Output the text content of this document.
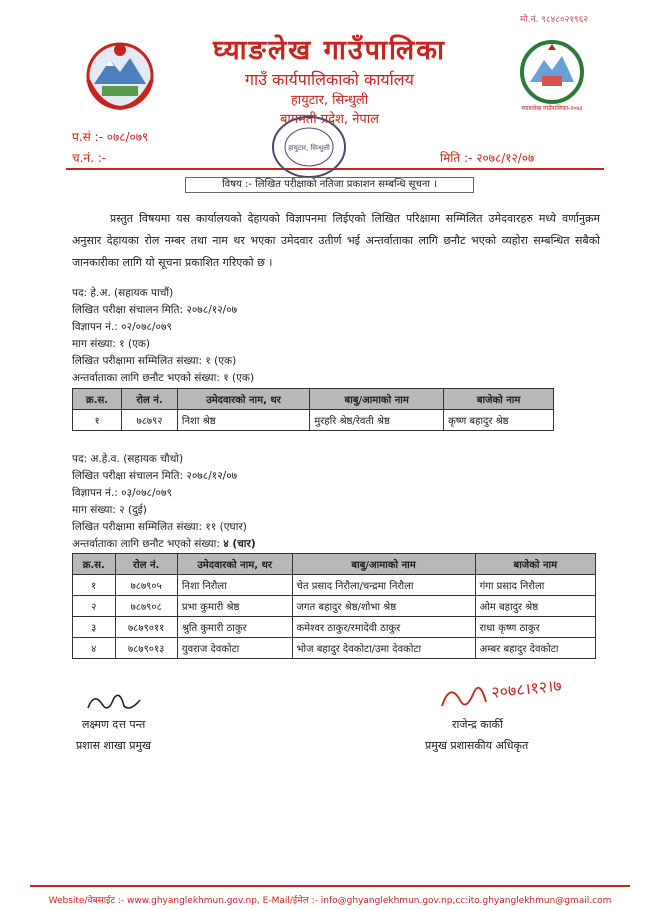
मो.नं. ९८४८०२१९६२
घ्याङलेख गाउँपालिका
गाउँ कार्यपालिकाको कार्यालय
हायुटार, सिन्धुली
बागमती प्रदेश, नेपाल
घ्याङलेख गाउँपालिका-२०७३
प.सं :- ०७८/०७९
च.नं. :-	मिति :- २०७८/१२/०७
हायुटार, सिन्धुली
विषय :- लिखित परीक्षाको नतिजा प्रकाशन सम्बन्धि सूचना ।
प्रस्तुत विषयमा यस कार्यालयको देहायको विज्ञापनमा लिईएको लिखित परिक्षामा सम्मिलित उमेदवारहरु मध्ये वर्णानुक्रम अनुसार देहायका रोल नम्बर तथा नाम थर भएका उमेदवार उतीर्ण भई अन्तर्वाताका लागि छनौट भएको व्यहोरा सम्बन्धित सबैको जानकारीका लागि यो सूचना प्रकाशित गरिएको छ ।
पद: हे.अ. (सहायक पाचौं)
लिखित परीक्षा संचालन मिति: २०७८/१२/०७
विज्ञापन नं.: ०२/०७८/०७९
माग संख्या: १ (एक)
लिखित परीक्षामा सम्मिलित संख्या: १ (एक)
अन्तर्वाताका लागि छनौट भएको संख्या: १ (एक)
क्र.स.	रोल नं.	उमेदवारको नाम, थर	बाबु/आमाको नाम	बाजेको नाम
१	७८७९२	निशा श्रेष्ठ	मुरहरि श्रेष्ठ/रेवती श्रेष्ठ	कृष्ण बहादुर श्रेष्ठ
पद: अ.हे.व. (सहायक चौथो)
लिखित परीक्षा संचालन मिति: २०७८/१२/०७
विज्ञापन नं.: ०३/०७८/०७९
माग संख्या: २ (दुई)
लिखित परीक्षामा सम्मिलित संख्या: ११ (एघार)
अन्तर्वाताका लागि छनौट भएको संख्या: ४ (चार)
क्र.स.	रोल नं.	उमेदवारको नाम, थर	बाबु/आमाको नाम	बाजेको नाम
१	७८७९०५	निशा निरौला	चेत प्रसाद निरौला/चन्द्रमा निरौला	गंगा प्रसाद निरौला
२	७८७९०८	प्रभा कुमारी श्रेष्ठ	जगत बहादुर श्रेष्ठ/शोभा श्रेष्ठ	ओम बहादुर श्रेष्ठ
३	७८७९०११	श्रुति कुमारी ठाकुर	कमेश्वर ठाकुर/रमादेवी ठाकुर	राधा कृष्ण ठाकुर
४	७८७९०१३	युवराज देवकोटा	भोज बहादुर देवकोटा/उमा देवकोटा	अम्बर बहादुर देवकोटा
लक्ष्मण दत्त पन्त
प्रशास शाखा प्रमुख
२०७८।१२।७
राजेन्द्र कार्की
प्रमुख प्रशासकीय अधिकृत
Website/वेबसाईट :- www.ghyanglekhmun.gov.np, E-Mail/ईमेल :- info@ghyanglekhmun.gov.np,cc:ito.ghyanglekhmun@gmail.com
